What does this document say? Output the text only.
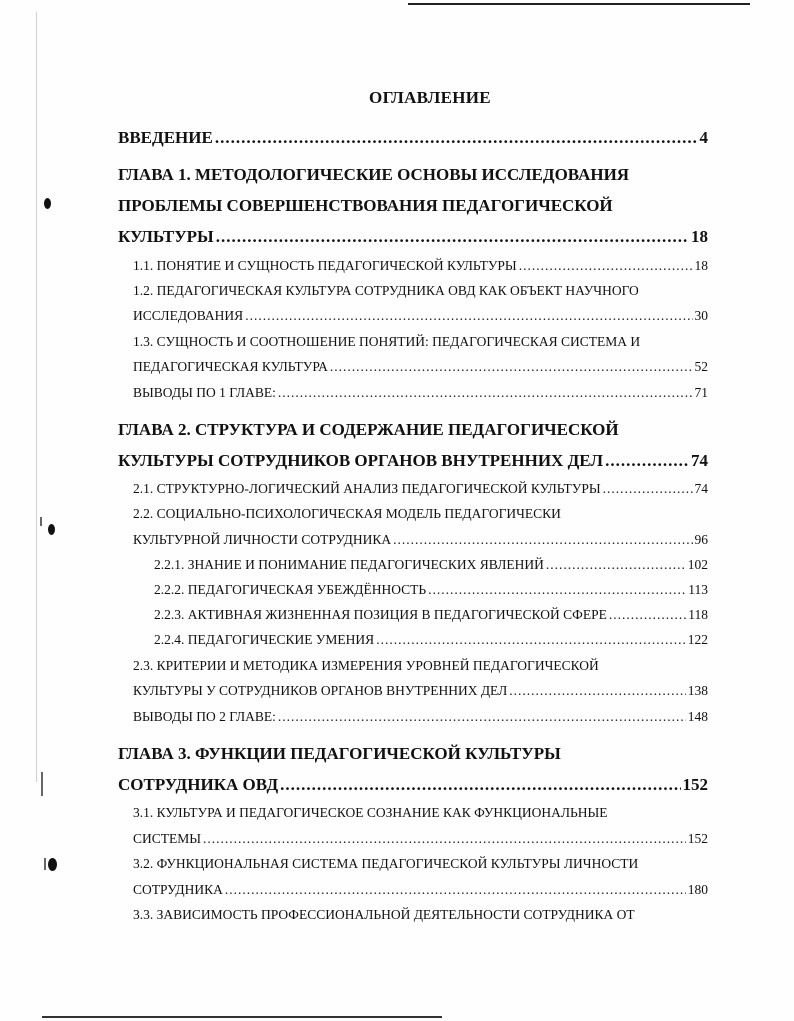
ОГЛАВЛЕНИЕ
ВВЕДЕНИЕ .....	4
ГЛАВА 1. МЕТОДОЛОГИЧЕСКИЕ ОСНОВЫ ИССЛЕДОВАНИЯ
ПРОБЛЕМЫ СОВЕРШЕНСТВОВАНИЯ ПЕДАГОГИЧЕСКОЙ
КУЛЬТУРЫ .....	18
1.1. ПОНЯТИЕ И СУЩНОСТЬ ПЕДАГОГИЧЕСКОЙ КУЛЬТУРЫ .....	18
1.2. ПЕДАГОГИЧЕСКАЯ КУЛЬТУРА СОТРУДНИКА ОВД КАК ОБЪЕКТ НАУЧНОГО
ИССЛЕДОВАНИЯ .....	30
1.3. СУЩНОСТЬ И СООТНОШЕНИЕ ПОНЯТИЙ: ПЕДАГОГИЧЕСКАЯ СИСТЕМА И
ПЕДАГОГИЧЕСКАЯ КУЛЬТУРА .....	52
ВЫВОДЫ ПО 1 ГЛАВЕ: .....	71
ГЛАВА 2. СТРУКТУРА И СОДЕРЖАНИЕ ПЕДАГОГИЧЕСКОЙ
КУЛЬТУРЫ СОТРУДНИКОВ ОРГАНОВ ВНУТРЕННИХ ДЕЛ .....	74
2.1. СТРУКТУРНО-ЛОГИЧЕСКИЙ АНАЛИЗ ПЕДАГОГИЧЕСКОЙ КУЛЬТУРЫ .....	74
2.2. СОЦИАЛЬНО-ПСИХОЛОГИЧЕСКАЯ МОДЕЛЬ ПЕДАГОГИЧЕСКИ
КУЛЬТУРНОЙ ЛИЧНОСТИ СОТРУДНИКА .....	96
2.2.1. ЗНАНИЕ И ПОНИМАНИЕ ПЕДАГОГИЧЕСКИХ ЯВЛЕНИЙ .....	102
2.2.2. ПЕДАГОГИЧЕСКАЯ УБЕЖДЁННОСТЬ .....	113
2.2.3. АКТИВНАЯ ЖИЗНЕННАЯ ПОЗИЦИЯ В ПЕДАГОГИЧЕСКОЙ СФЕРЕ .....	118
2.2.4. ПЕДАГОГИЧЕСКИЕ УМЕНИЯ .....	122
2.3. КРИТЕРИИ И МЕТОДИКА ИЗМЕРЕНИЯ УРОВНЕЙ ПЕДАГОГИЧЕСКОЙ
КУЛЬТУРЫ У СОТРУДНИКОВ ОРГАНОВ ВНУТРЕННИХ ДЕЛ .....	138
ВЫВОДЫ ПО 2 ГЛАВЕ: .....	148
ГЛАВА 3. ФУНКЦИИ ПЕДАГОГИЧЕСКОЙ КУЛЬТУРЫ
СОТРУДНИКА ОВД .....	152
3.1. КУЛЬТУРА И ПЕДАГОГИЧЕСКОЕ СОЗНАНИЕ КАК ФУНКЦИОНАЛЬНЫЕ
СИСТЕМЫ .....	152
3.2. ФУНКЦИОНАЛЬНАЯ СИСТЕМА ПЕДАГОГИЧЕСКОЙ КУЛЬТУРЫ ЛИЧНОСТИ
СОТРУДНИКА .....	180
3.3. ЗАВИСИМОСТЬ ПРОФЕССИОНАЛЬНОЙ ДЕЯТЕЛЬНОСТИ СОТРУДНИКА ОТ
